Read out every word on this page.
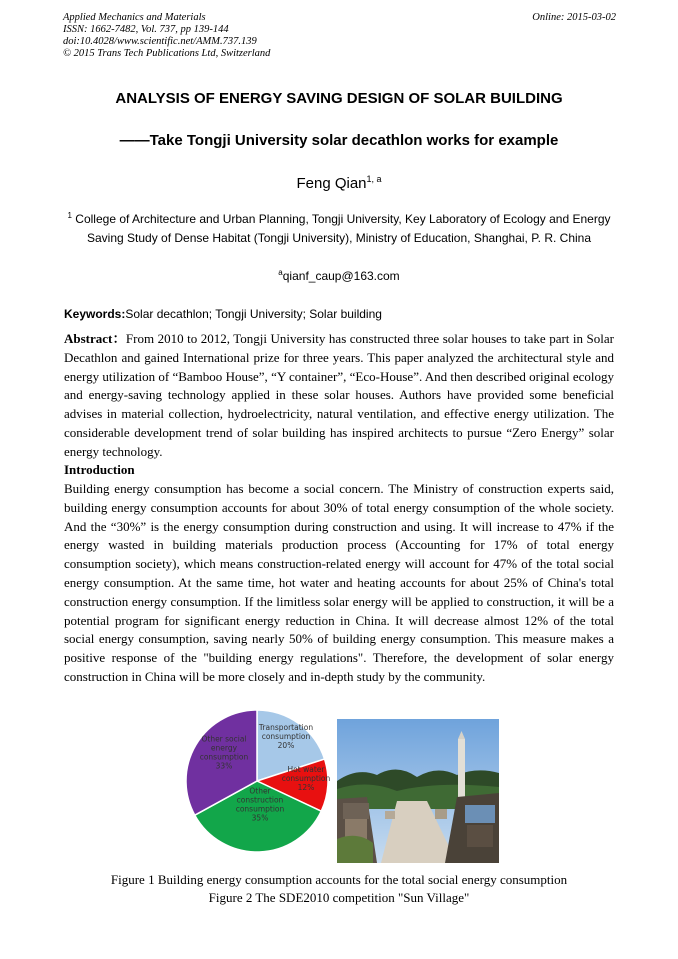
Applied Mechanics and Materials
ISSN: 1662-7482, Vol. 737, pp 139-144
doi:10.4028/www.scientific.net/AMM.737.139
© 2015 Trans Tech Publications Ltd, Switzerland
Online: 2015-03-02
ANALYSIS OF ENERGY SAVING DESIGN OF SOLAR BUILDING
——Take Tongji University solar decathlon works for example
Feng Qian$^{1, a}$
$^1$ College of Architecture and Urban Planning, Tongji University, Key Laboratory of Ecology and Energy Saving Study of Dense Habitat (Tongji University), Ministry of Education, Shanghai, P. R. China
$^a$qianf_caup@163.com
Keywords:Solar decathlon; Tongji University; Solar building
Abstract：From 2010 to 2012, Tongji University has constructed three solar houses to take part in Solar Decathlon and gained International prize for three years. This paper analyzed the architectural style and energy utilization of “Bamboo House”, “Y container”, “Eco-House”. And then described original ecology and energy-saving technology applied in these solar houses. Authors have provided some beneficial advises in material collection, hydroelectricity, natural ventilation, and effective energy utilization. The considerable development trend of solar building has inspired architects to pursue “Zero Energy” solar energy technology.
Introduction
Building energy consumption has become a social concern. The Ministry of construction experts said, building energy consumption accounts for about 30% of total energy consumption of the whole society. And the “30%” is the energy consumption during construction and using. It will increase to 47% if the energy wasted in building materials production process (Accounting for 17% of total energy consumption society), which means construction-related energy will account for 47% of the total social energy consumption. At the same time, hot water and heating accounts for about 25% of China's total construction energy consumption. If the limitless solar energy will be applied to construction, it will be a potential program for significant energy reduction in China. It will decrease almost 12% of the total social energy consumption, saving nearly 50% of building energy consumption. This measure makes a positive response of the "building energy regulations". Therefore, the development of solar energy construction in China will be more closely and in-depth study by the community.
Transportation consumption 20%
Hot water consumption 12%
Other construction consumption 35%
Other social energy consumption 33%
Figure 1 Building energy consumption accounts for the total social energy consumption
Figure 2 The SDE2010 competition "Sun Village"
